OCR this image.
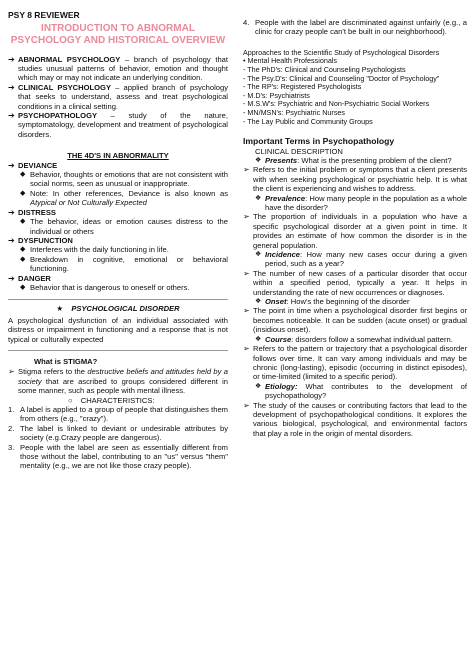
PSY 8 REVIEWER
INTRODUCTION TO ABNORMAL PSYCHOLOGY AND HISTORICAL OVERVIEW
➔ ABNORMAL PSYCHOLOGY – branch of psychology that studies unusual patterns of behavior, emotion and thought which may or may not indicate an underlying condition.

➔ CLINICAL PSYCHOLOGY – applied branch of psychology that seeks to understand, assess and treat psychological conditions in a clinical setting.

➔ PSYCHOPATHOLOGY – study of the nature, symptomatology, development and treatment of psychological disorders.

THE 4D'S IN ABNORMALITY
➔ DEVIANCE

◆ Behavior, thoughts or emotions that are not consistent with social norms, seen as unusual or inappropriate.

◆ Note: In other references, Deviance is also known as Atypical or Not Culturally Expected

➔ DISTRESS

◆ The behavior, ideas or emotion causes distress to the individual or others

➔ DYSFUNCTION

◆ Interferes with the daily functioning in life.

◆ Breakdown in cognitive, emotional or behavioral functioning.

➔ DANGER

◆ Behavior that is dangerous to oneself or others.

★ PSYCHOLOGICAL DISORDER

A psychological dysfunction of an individual associated with distress or impairment in functioning and a response that is not typical or culturally expected

What is STIGMA?
➢ Stigma refers to the destructive beliefs and attitudes held by a society that are ascribed to groups considered different in some manner, such as people with mental illness.

○ CHARACTERISTICS:
1. A label is applied to a group of people that distinguishes them from others (e.g., "crazy").

2. The label is linked to deviant or undesirable attributes by society (e.g.Crazy people are dangerous).

3. People with the label are seen as essentially different from those without the label, contributing to an "us" versus "them" mentality (e.g., we are not like those crazy people).

4. People with the label are discriminated against unfairly (e.g., a clinic for crazy people can't be built in our neighborhood).

Approaches to the Scientific Study of Psychological Disorders

• Mental Health Professionals

- The PhD's: Clinical and Counseling Psychologists

- The Psy.D's: Clinical and Counseling "Doctor of Psychology"

- The RP's: Registered Psychologists

- M.D's: Psychiatrists

- M.S.W's: Psychiatric and Non-Psychiatric Social Workers

- MN/MSN's: Psychiatric Nurses

- The Lay Public and Community Groups

Important Terms in Psychopathology
CLINICAL DESCRIPTION
❖ Presents: What is the presenting problem of the client?

➢ Refers to the initial problem or symptoms that a client presents with when seeking psychological or psychiatric help. It is what the client is experiencing and wishes to address.

❖ Prevalence: How many people in the population as a whole have the disorder?

➢ The proportion of individuals in a population who have a specific psychological disorder at a given point in time. It provides an estimate of how common the disorder is in the general population.

❖ Incidence: How many new cases occur during a given period, such as a year?

➢ The number of new cases of a particular disorder that occur within a specified period, typically a year. It helps in understanding the rate of new occurrences or diagnoses.

❖ Onset: How's the beginning of the disorder

➢ The point in time when a psychological disorder first begins or becomes noticeable. It can be sudden (acute onset) or gradual (insidious onset).

❖ Course: disorders follow a somewhat individual pattern.

➢ Refers to the pattern or trajectory that a psychological disorder follows over time. It can vary among individuals and may be chronic (long-lasting), episodic (occurring in distinct episodes), or time-limited (limited to a specific period).

❖ Etiology: What contributes to the development of psychopathology?

➢ The study of the causes or contributing factors that lead to the development of psychopathological conditions. It explores the various biological, psychological, and environmental factors that play a role in the origin of mental disorders.
